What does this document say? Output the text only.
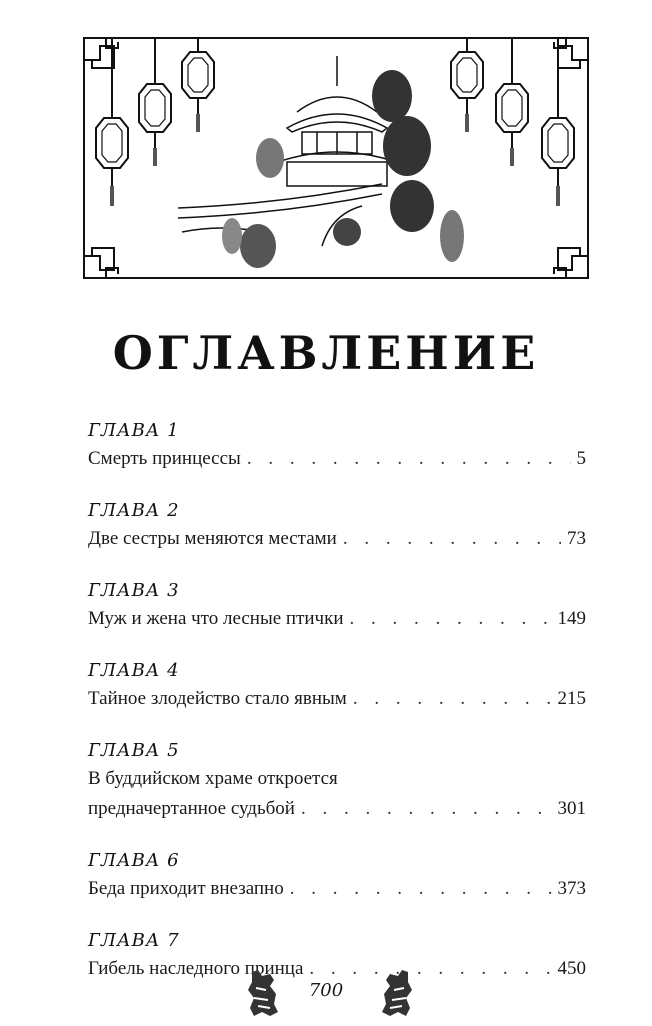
ОГЛАВЛЕНИЕ
ГЛАВА 1
Смерть принцессы . . .	5
ГЛАВА 2
Две сестры меняются местами . . .	73
ГЛАВА 3
Муж и жена что лесные птички . . .	149
ГЛАВА 4
Тайное злодейство стало явным . . .	215
ГЛАВА 5
В буддийском храме откроется
предначертанное судьбой . . .	301
ГЛАВА 6
Беда приходит внезапно . . .	373
ГЛАВА 7
Гибель наследного принца . . .	450
700
